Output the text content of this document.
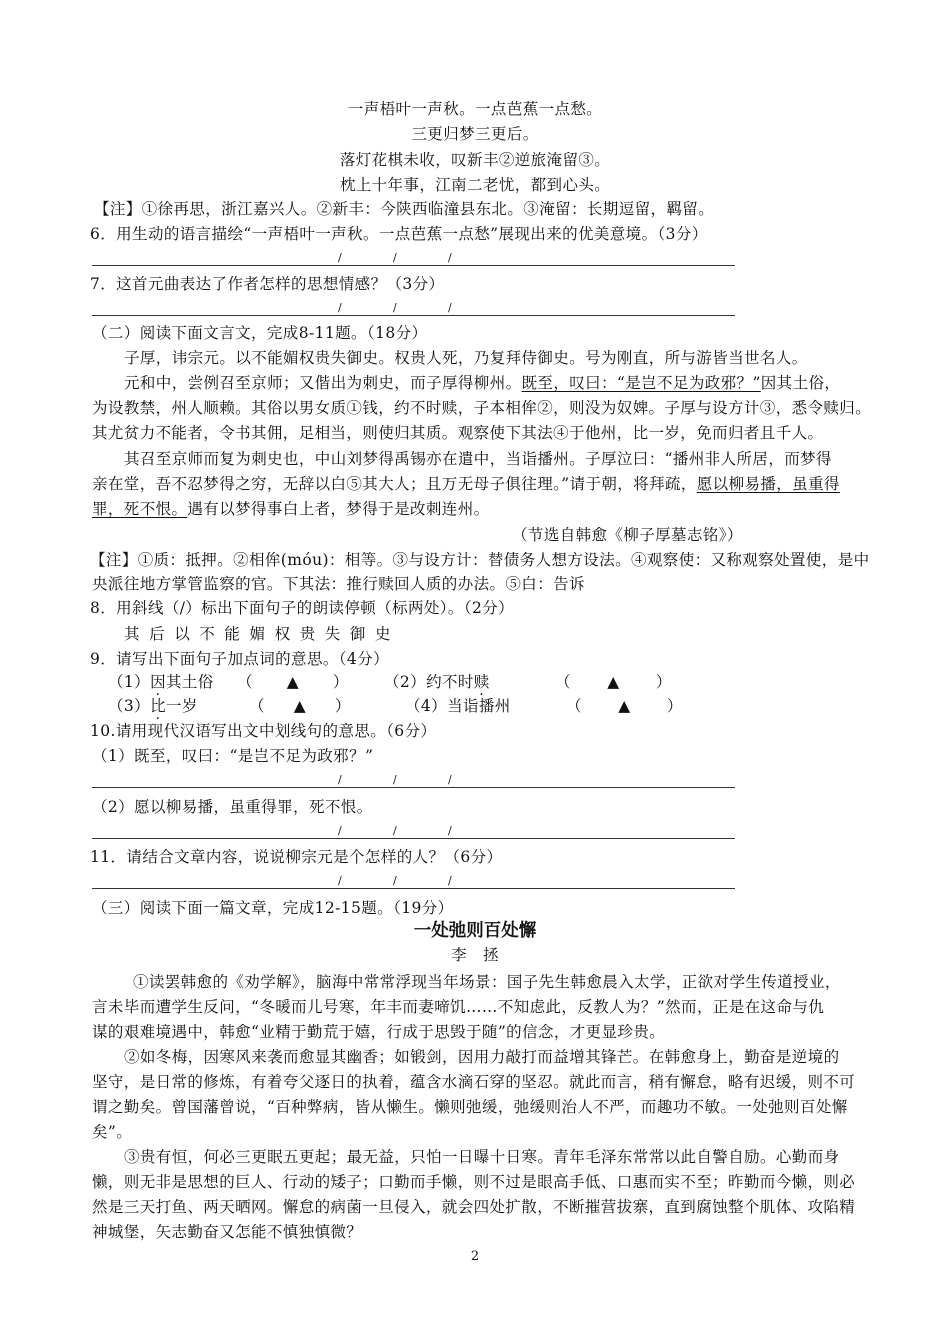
一声梧叶一声秋。一点芭蕉一点愁。
三更归梦三更后。
落灯花棋未收，叹新丰②逆旅淹留③。
枕上十年事，江南二老忧，都到心头。
【注】①徐再思，浙江嘉兴人。②新丰：今陕西临潼县东北。③淹留：长期逗留，羁留。
6．用生动的语言描绘“一声梧叶一声秋。一点芭蕉一点愁”展现出来的优美意境。（3分）
/	/	/
7．这首元曲表达了作者怎样的思想情感？（3分）
/	/	/
（二）阅读下面文言文，完成8-11题。（18分）
子厚，讳宗元。以不能媚权贵失御史。权贵人死，乃复拜侍御史。号为刚直，所与游皆当世名人。
元和中，尝例召至京师；又偕出为刺史，而子厚得柳州。既至，叹曰：“是岂不足为政邪？”因其土俗，
为设教禁，州人顺赖。其俗以男女质①钱，约不时赎，子本相侔②，则没为奴婢。子厚与设方计③，悉令赎归。
其尤贫力不能者，令书其佣，足相当，则使归其质。观察使下其法④于他州，比一岁，免而归者且千人。
其召至京师而复为刺史也，中山刘梦得禹锡亦在遣中，当诣播州。子厚泣曰：“播州非人所居，而梦得
亲在堂，吾不忍梦得之穷，无辞以白⑤其大人；且万无母子俱往理。”请于朝，将拜疏，愿以柳易播，虽重得
罪，死不恨。遇有以梦得事白上者，梦得于是改刺连州。
（节选自韩愈《柳子厚墓志铭》）
【注】①质：抵押。②相侔(móu)：相等。③与设方计：替债务人想方设法。④观察使：又称观察处置使，是中
央派往地方掌管监察的官。下其法：推行赎回人质的办法。⑤白：告诉
8．用斜线（/）标出下面句子的朗读停顿（标两处）。（2分）
其后以不能媚权贵失御史
9．请写出下面句子加点词的意思。（4分）
（1）因其土俗 （ ▲ ） （2）约不时赎	（ ▲ ）
（3）比一岁	（ ▲ ）	（4）当诣播州	（ ▲ ）
10.请用现代汉语写出文中划线句的意思。（6分）
（1）既至，叹曰：“是岂不足为政邪？”
/	/	/
（2）愿以柳易播，虽重得罪，死不恨。
/	/	/
11．请结合文章内容，说说柳宗元是个怎样的人？（6分）
/	/	/
（三）阅读下面一篇文章，完成12-15题。（19分）
一处弛则百处懈
李　拯
①读罢韩愈的《劝学解》，脑海中常常浮现当年场景：国子先生韩愈晨入太学，正欲对学生传道授业，
言未毕而遭学生反问，“冬暖而儿号寒，年丰而妻啼饥……不知虑此，反教人为？”然而，正是在这命与仇
谋的艰难境遇中，韩愈“业精于勤荒于嬉，行成于思毁于随”的信念，才更显珍贵。
②如冬梅，因寒风来袭而愈显其幽香；如锻剑，因用力敲打而益增其锋芒。在韩愈身上，勤奋是逆境的
坚守，是日常的修炼，有着夸父逐日的执着，蕴含水滴石穿的坚忍。就此而言，稍有懈怠，略有迟缓，则不可
谓之勤矣。曾国藩曾说，“百种弊病，皆从懒生。懒则弛缓，弛缓则治人不严，而趣功不敏。一处弛则百处懈
矣”。
③贵有恒，何必三更眠五更起；最无益，只怕一日曝十日寒。青年毛泽东常常以此自警自励。心勤而身
懒，则无非是思想的巨人、行动的矮子；口勤而手懒，则不过是眼高手低、口惠而实不至；昨勤而今懒，则必
然是三天打鱼、两天晒网。懈怠的病菌一旦侵入，就会四处扩散，不断摧营拔寨，直到腐蚀整个肌体、攻陷精
神城堡，矢志勤奋又怎能不慎独慎微？
2
